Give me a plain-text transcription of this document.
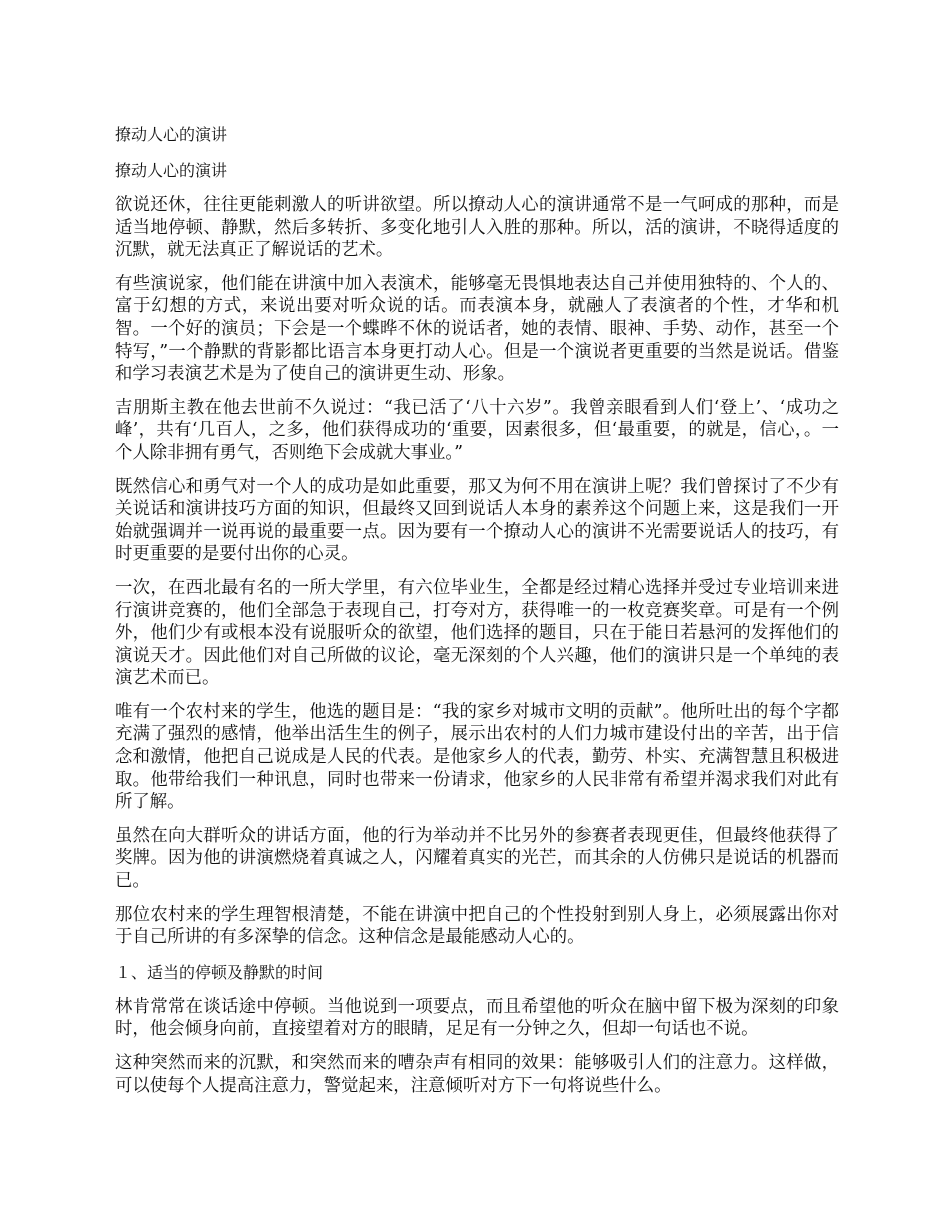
撩动人心的演讲
撩动人心的演讲

欲说还休，往往更能刺激人的听讲欲望。所以撩动人心的演讲通常不是一气呵成的那种，而是适当地停顿、静默，然后多转折、多变化地引人入胜的那种。所以，活的演讲，不晓得适度的沉默，就无法真正了解说话的艺术。

有些演说家，他们能在讲演中加入表演术，能够毫无畏惧地表达自己并使用独特的、个人的、富于幻想的方式，来说出要对听众说的话。而表演本身，就融人了表演者的个性，才华和机智。一个好的演员；下会是一个蝶晔不休的说话者，她的表情、眼神、手势、动作，甚至一个特写，”一个静默的背影都比语言本身更打动人心。但是一个演说者更重要的当然是说话。借鉴和学习表演艺术是为了使自己的演讲更生动、形象。

吉朋斯主教在他去世前不久说过：“我已活了‘八十六岁”。我曾亲眼看到人们‘登上’、‘成功之峰’，共有‘几百人，之多，他们获得成功的‘重要，因素很多，但‘最重要，的就是，信心，。一个人除非拥有勇气，否则绝下会成就大事业。”

既然信心和勇气对一个人的成功是如此重要，那又为何不用在演讲上呢？我们曾探讨了不少有关说话和演讲技巧方面的知识，但最终又回到说话人本身的素养这个问题上来，这是我们一开始就强调并一说再说的最重要一点。因为要有一个撩动人心的演讲不光需要说话人的技巧，有时更重要的是要付出你的心灵。

一次，在西北最有名的一所大学里，有六位毕业生，全都是经过精心选择并受过专业培训来进行演讲竞赛的，他们全部急于表现自己，打夸对方，获得唯一的一枚竞赛奖章。可是有一个例外，他们少有或根本没有说服听众的欲望，他们选择的题目，只在于能日若悬河的发挥他们的演说天才。因此他们对自己所做的议论，毫无深刻的个人兴趣，他们的演讲只是一个单纯的表演艺术而已。

唯有一个农村来的学生，他选的题目是：“我的家乡对城市文明的贡献”。他所吐出的每个字都充满了强烈的感情，他举出活生生的例子，展示出农村的人们力城市建设付出的辛苦，出于信念和激情，他把自己说成是人民的代表。是他家乡人的代表，勤劳、朴实、充满智慧且积极进取。他带给我们一种讯息，同时也带来一份请求，他家乡的人民非常有希望并渴求我们对此有所了解。

虽然在向大群听众的讲话方面，他的行为举动并不比另外的参赛者表现更佳，但最终他获得了奖牌。因为他的讲演燃烧着真诚之人，闪耀着真实的光芒，而其余的人仿佛只是说话的机器而已。

那位农村来的学生理智根清楚，不能在讲演中把自己的个性投射到别人身上，必须展露出你对于自己所讲的有多深挚的信念。这种信念是最能感动人心的。

１、适当的停顿及静默的时间

林肯常常在谈话途中停顿。当他说到一项要点，而且希望他的听众在脑中留下极为深刻的印象时，他会倾身向前，直接望着对方的眼睛，足足有一分钟之久，但却一句话也不说。

这种突然而来的沉默，和突然而来的嘈杂声有相同的效果：能够吸引人们的注意力。这样做，可以使每个人提高注意力，警觉起来，注意倾听对方下一句将说些什么。
